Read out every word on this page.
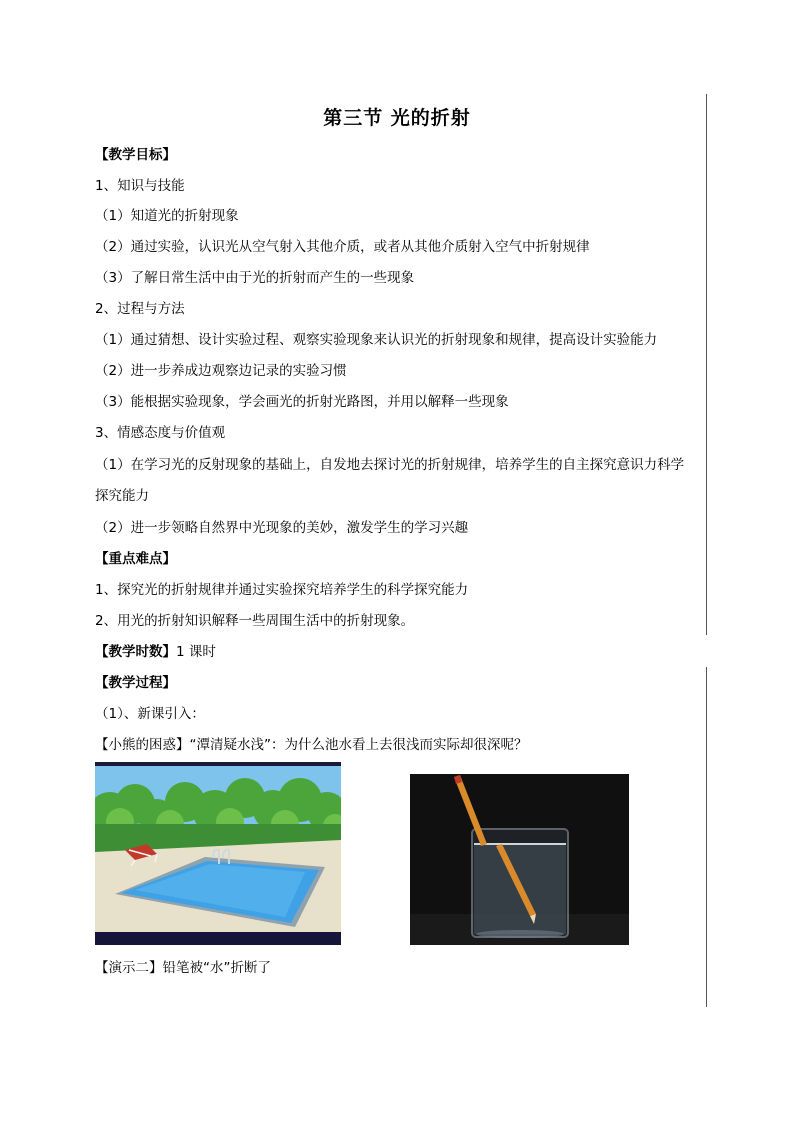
第三节 光的折射
【教学目标】
1、知识与技能
（1）知道光的折射现象
（2）通过实验，认识光从空气射入其他介质，或者从其他介质射入空气中折射规律
（3）了解日常生活中由于光的折射而产生的一些现象
2、过程与方法
（1）通过猜想、设计实验过程、观察实验现象来认识光的折射现象和规律，提高设计实验能力
（2）进一步养成边观察边记录的实验习惯
（3）能根据实验现象，学会画光的折射光路图，并用以解释一些现象
3、情感态度与价值观
（1）在学习光的反射现象的基础上，自发地去探讨光的折射规律，培养学生的自主探究意识力科学
探究能力
（2）进一步领略自然界中光现象的美妙，激发学生的学习兴趣
【重点难点】
1、探究光的折射规律并通过实验探究培养学生的科学探究能力
2、用光的折射知识解释一些周围生活中的折射现象。
【教学时数】1 课时
【教学过程】
（1）、新课引入：
【小熊的困惑】“潭清疑水浅”：为什么池水看上去很浅而实际却很深呢？
【演示二】铅笔被“水”折断了
